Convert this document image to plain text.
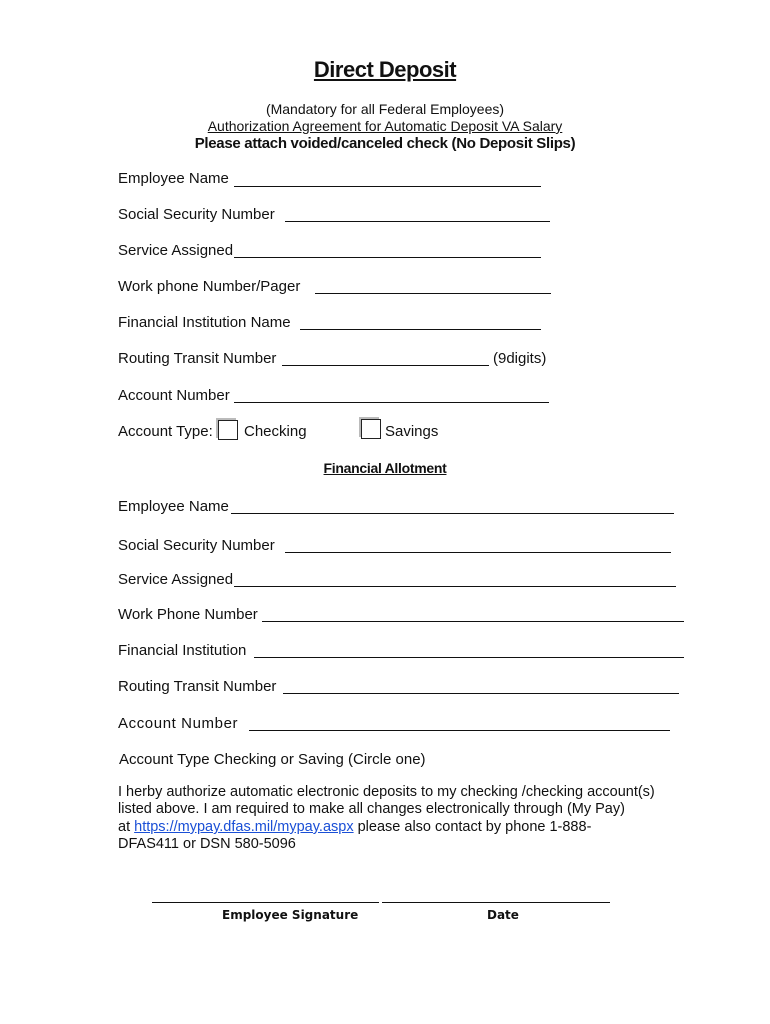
Direct Deposit
(Mandatory for all Federal Employees)
Authorization Agreement for Automatic Deposit VA Salary
Please attach voided/canceled check (No Deposit Slips)
Employee Name
Social Security Number
Service Assigned
Work phone Number/Pager
Financial Institution Name
Routing Transit Number	(9digits)
Account Number
Account Type: Checking	Savings
Financial Allotment
Employee Name
Social Security Number
Service Assigned
Work Phone Number
Financial Institution
Routing Transit Number
Account Number
Account Type Checking or Saving (Circle one)
I herby authorize automatic electronic deposits to my checking /checking account(s)
listed above. I am required to make all changes electronically through (My Pay)
at https://mypay.dfas.mil/mypay.aspx please also contact by phone 1-888-
DFAS411 or DSN 580-5096
Employee Signature	Date
